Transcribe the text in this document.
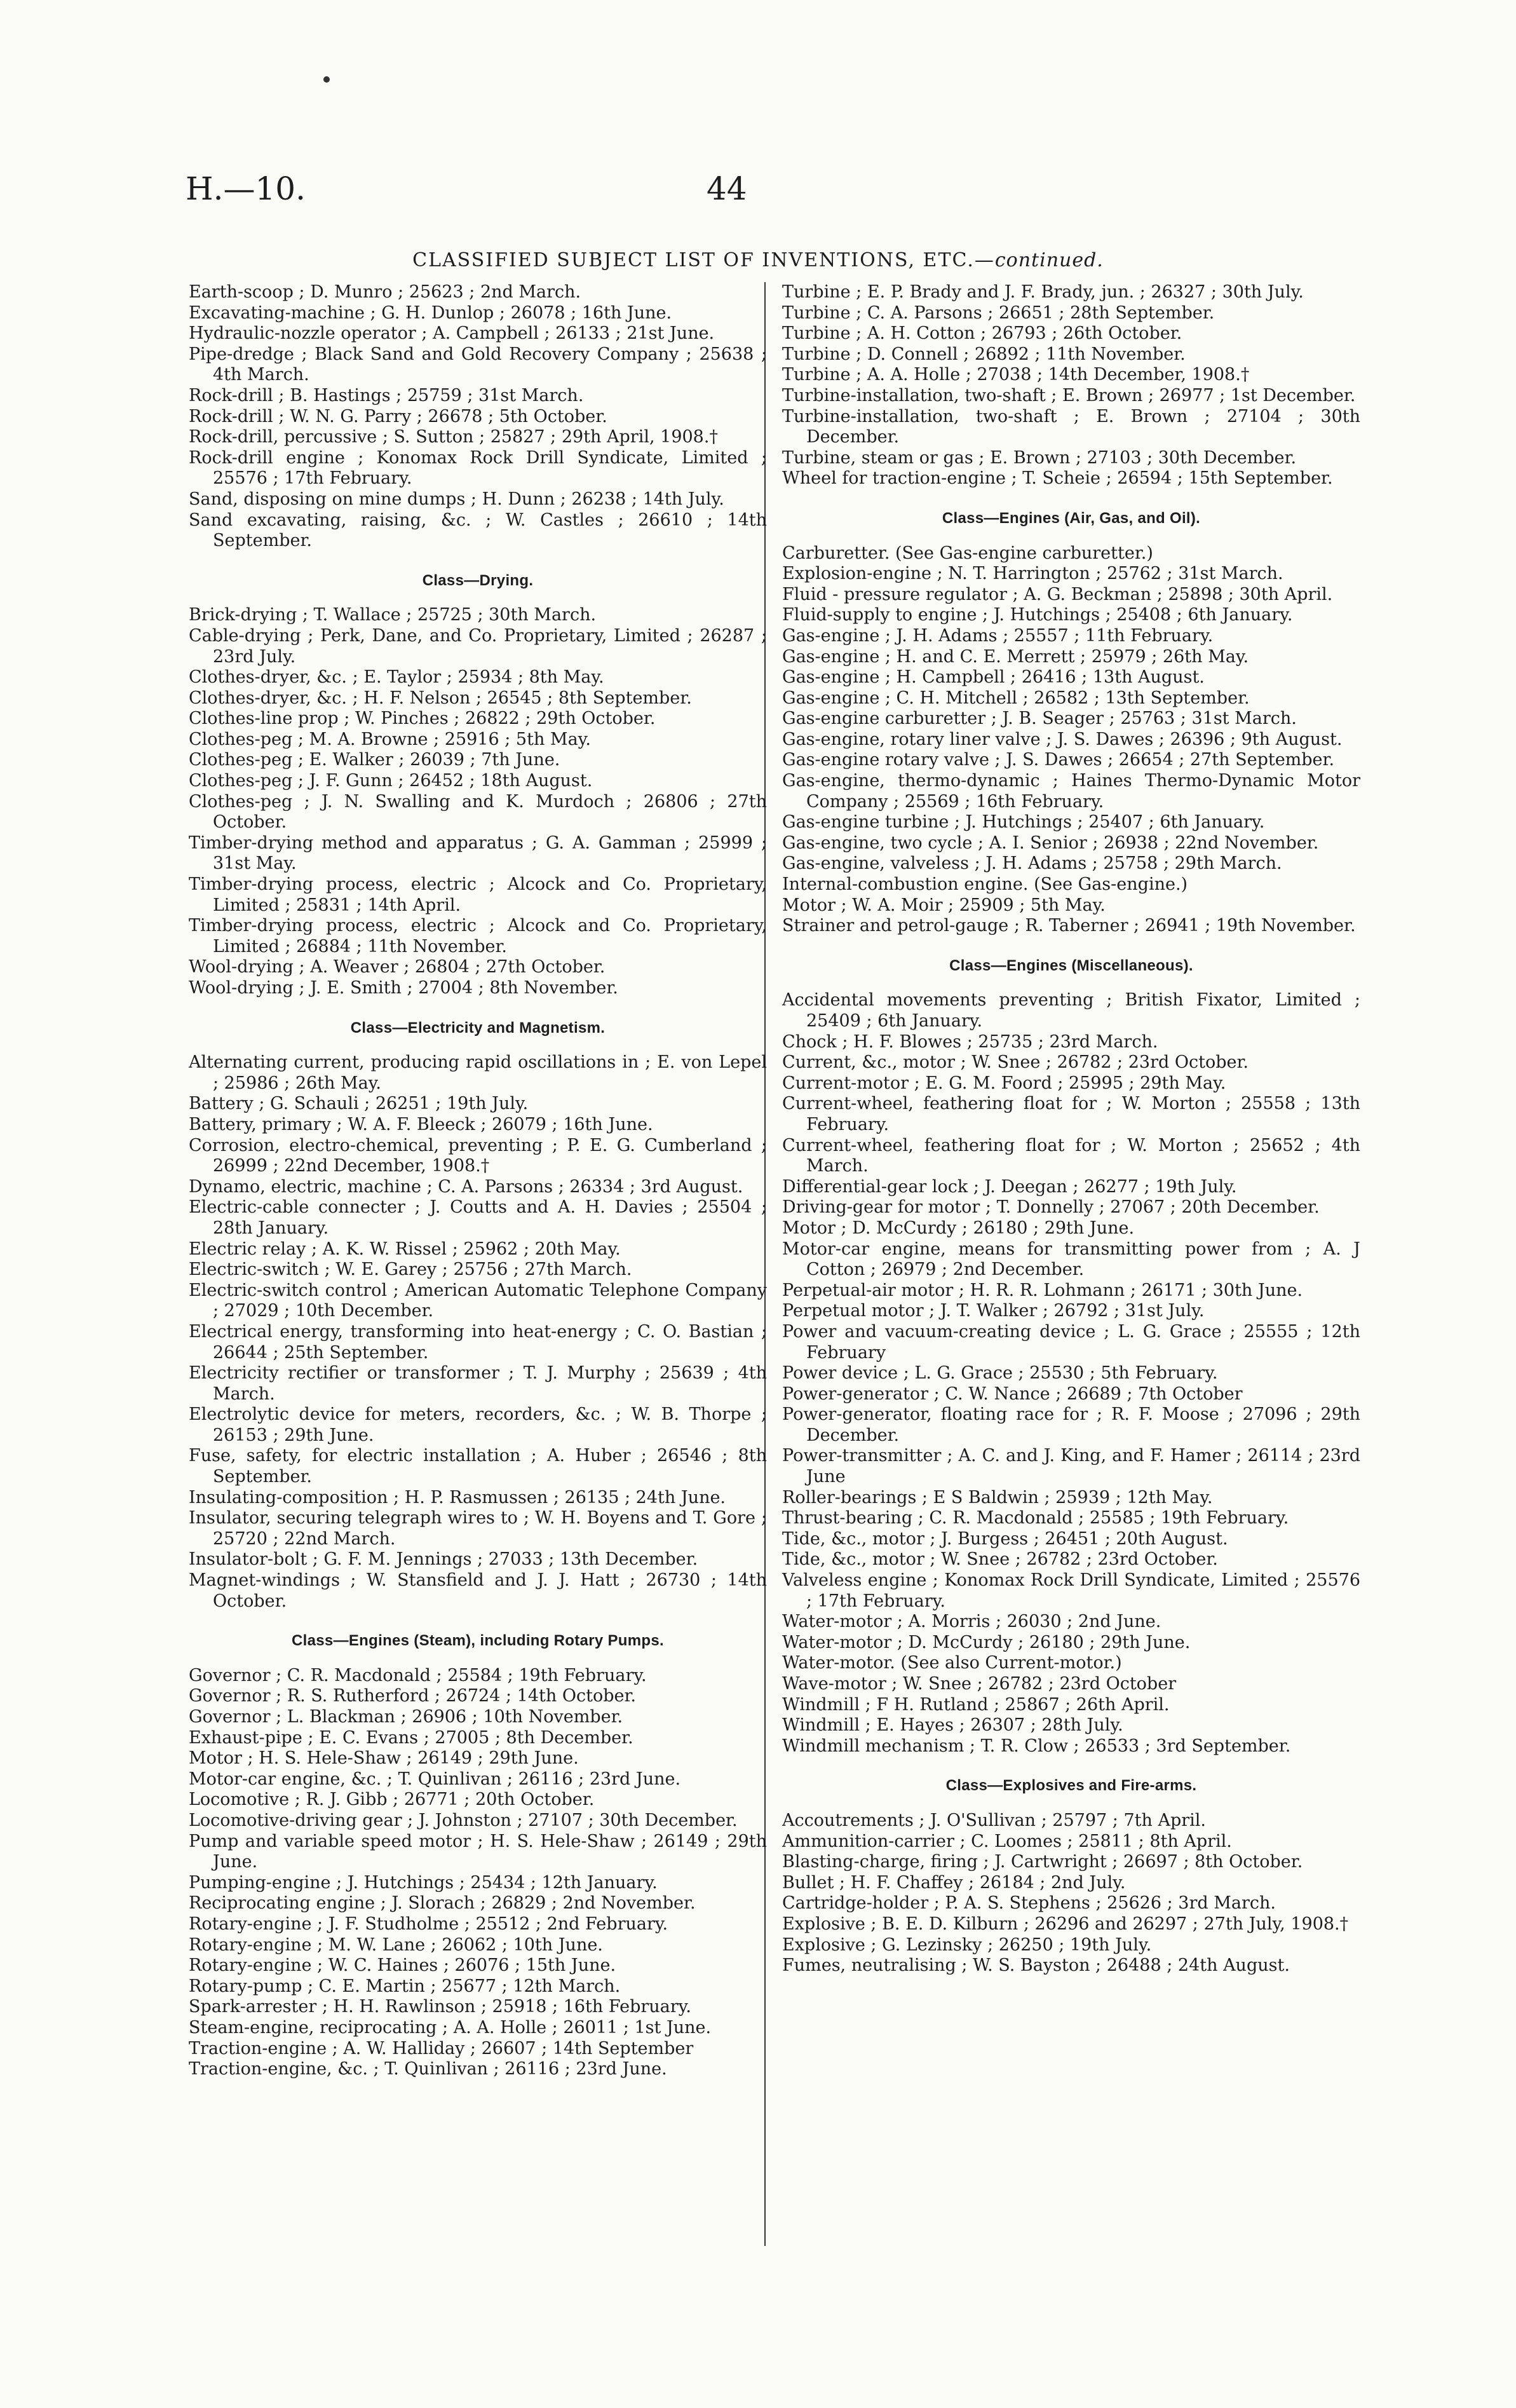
H.—10.	44
CLASSIFIED SUBJECT LIST OF INVENTIONS, ETC.—continued.
Earth-scoop ; D. Munro ; 25623 ; 2nd March.
Excavating-machine ; G. H. Dunlop ; 26078 ; 16th June.
Hydraulic-nozzle operator ; A. Campbell ; 26133 ; 21st June.
Pipe-dredge ; Black Sand and Gold Recovery Company ; 25638 ; 4th March.
Rock-drill ; B. Hastings ; 25759 ; 31st March.
Rock-drill ; W. N. G. Parry ; 26678 ; 5th October.
Rock-drill, percussive ; S. Sutton ; 25827 ; 29th April, 1908.†
Rock-drill engine ; Konomax Rock Drill Syndicate, Limited ; 25576 ; 17th February.
Sand, disposing on mine dumps ; H. Dunn ; 26238 ; 14th July.
Sand excavating, raising, &c. ; W. Castles ; 26610 ; 14th September.
Class—Drying.
Brick-drying ; T. Wallace ; 25725 ; 30th March.
Cable-drying ; Perk, Dane, and Co. Proprietary, Limited ; 26287 ; 23rd July.
Clothes-dryer, &c. ; E. Taylor ; 25934 ; 8th May.
Clothes-dryer, &c. ; H. F. Nelson ; 26545 ; 8th September.
Clothes-line prop ; W. Pinches ; 26822 ; 29th October.
Clothes-peg ; M. A. Browne ; 25916 ; 5th May.
Clothes-peg ; E. Walker ; 26039 ; 7th June.
Clothes-peg ; J. F. Gunn ; 26452 ; 18th August.
Clothes-peg ; J. N. Swalling and K. Murdoch ; 26806 ; 27th October.
Timber-drying method and apparatus ; G. A. Gamman ; 25999 ; 31st May.
Timber-drying process, electric ; Alcock and Co. Proprietary, Limited ; 25831 ; 14th April.
Timber-drying process, electric ; Alcock and Co. Proprietary, Limited ; 26884 ; 11th November.
Wool-drying ; A. Weaver ; 26804 ; 27th October.
Wool-drying ; J. E. Smith ; 27004 ; 8th November.
Class—Electricity and Magnetism.
Alternating current, producing rapid oscillations in ; E. von Lepel ; 25986 ; 26th May.
Battery ; G. Schauli ; 26251 ; 19th July.
Battery, primary ; W. A. F. Bleeck ; 26079 ; 16th June.
Corrosion, electro-chemical, preventing ; P. E. G. Cumberland ; 26999 ; 22nd December, 1908.†
Dynamo, electric, machine ; C. A. Parsons ; 26334 ; 3rd August.
Electric-cable connecter ; J. Coutts and A. H. Davies ; 25504 ; 28th January.
Electric relay ; A. K. W. Rissel ; 25962 ; 20th May.
Electric-switch ; W. E. Garey ; 25756 ; 27th March.
Electric-switch control ; American Automatic Telephone Company ; 27029 ; 10th December.
Electrical energy, transforming into heat-energy ; C. O. Bastian ; 26644 ; 25th September.
Electricity rectifier or transformer ; T. J. Murphy ; 25639 ; 4th March.
Electrolytic device for meters, recorders, &c. ; W. B. Thorpe ; 26153 ; 29th June.
Fuse, safety, for electric installation ; A. Huber ; 26546 ; 8th September.
Insulating-composition ; H. P. Rasmussen ; 26135 ; 24th June.
Insulator, securing telegraph wires to ; W. H. Boyens and T. Gore ; 25720 ; 22nd March.
Insulator-bolt ; G. F. M. Jennings ; 27033 ; 13th December.
Magnet-windings ; W. Stansfield and J. J. Hatt ; 26730 ; 14th October.
Class—Engines (Steam), including Rotary Pumps.
Governor ; C. R. Macdonald ; 25584 ; 19th February.
Governor ; R. S. Rutherford ; 26724 ; 14th October.
Governor ; L. Blackman ; 26906 ; 10th November.
Exhaust-pipe ; E. C. Evans ; 27005 ; 8th December.
Motor ; H. S. Hele-Shaw ; 26149 ; 29th June.
Motor-car engine, &c. ; T. Quinlivan ; 26116 ; 23rd June.
Locomotive ; R. J. Gibb ; 26771 ; 20th October.
Locomotive-driving gear ; J. Johnston ; 27107 ; 30th December.
Pump and variable speed motor ; H. S. Hele-Shaw ; 26149 ; 29th June.
Pumping-engine ; J. Hutchings ; 25434 ; 12th January.
Reciprocating engine ; J. Slorach ; 26829 ; 2nd November.
Rotary-engine ; J. F. Studholme ; 25512 ; 2nd February.
Rotary-engine ; M. W. Lane ; 26062 ; 10th June.
Rotary-engine ; W. C. Haines ; 26076 ; 15th June.
Rotary-pump ; C. E. Martin ; 25677 ; 12th March.
Spark-arrester ; H. H. Rawlinson ; 25918 ; 16th February.
Steam-engine, reciprocating ; A. A. Holle ; 26011 ; 1st June.
Traction-engine ; A. W. Halliday ; 26607 ; 14th September
Traction-engine, &c. ; T. Quinlivan ; 26116 ; 23rd June.
Turbine ; E. P. Brady and J. F. Brady, jun. ; 26327 ; 30th July.
Turbine ; C. A. Parsons ; 26651 ; 28th September.
Turbine ; A. H. Cotton ; 26793 ; 26th October.
Turbine ; D. Connell ; 26892 ; 11th November.
Turbine ; A. A. Holle ; 27038 ; 14th December, 1908.†
Turbine-installation, two-shaft ; E. Brown ; 26977 ; 1st December.
Turbine-installation, two-shaft ; E. Brown ; 27104 ; 30th December.
Turbine, steam or gas ; E. Brown ; 27103 ; 30th December.
Wheel for traction-engine ; T. Scheie ; 26594 ; 15th September.
Class—Engines (Air, Gas, and Oil).
Carburetter. (See Gas-engine carburetter.)
Explosion-engine ; N. T. Harrington ; 25762 ; 31st March.
Fluid - pressure regulator ; A. G. Beckman ; 25898 ; 30th April.
Fluid-supply to engine ; J. Hutchings ; 25408 ; 6th January.
Gas-engine ; J. H. Adams ; 25557 ; 11th February.
Gas-engine ; H. and C. E. Merrett ; 25979 ; 26th May.
Gas-engine ; H. Campbell ; 26416 ; 13th August.
Gas-engine ; C. H. Mitchell ; 26582 ; 13th September.
Gas-engine carburetter ; J. B. Seager ; 25763 ; 31st March.
Gas-engine, rotary liner valve ; J. S. Dawes ; 26396 ; 9th August.
Gas-engine rotary valve ; J. S. Dawes ; 26654 ; 27th September.
Gas-engine, thermo-dynamic ; Haines Thermo-Dynamic Motor Company ; 25569 ; 16th February.
Gas-engine turbine ; J. Hutchings ; 25407 ; 6th January.
Gas-engine, two cycle ; A. I. Senior ; 26938 ; 22nd November.
Gas-engine, valveless ; J. H. Adams ; 25758 ; 29th March.
Internal-combustion engine. (See Gas-engine.)
Motor ; W. A. Moir ; 25909 ; 5th May.
Strainer and petrol-gauge ; R. Taberner ; 26941 ; 19th November.
Class—Engines (Miscellaneous).
Accidental movements preventing ; British Fixator, Limited ; 25409 ; 6th January.
Chock ; H. F. Blowes ; 25735 ; 23rd March.
Current, &c., motor ; W. Snee ; 26782 ; 23rd October.
Current-motor ; E. G. M. Foord ; 25995 ; 29th May.
Current-wheel, feathering float for ; W. Morton ; 25558 ; 13th February.
Current-wheel, feathering float for ; W. Morton ; 25652 ; 4th March.
Differential-gear lock ; J. Deegan ; 26277 ; 19th July.
Driving-gear for motor ; T. Donnelly ; 27067 ; 20th December.
Motor ; D. McCurdy ; 26180 ; 29th June.
Motor-car engine, means for transmitting power from ; A. J Cotton ; 26979 ; 2nd December.
Perpetual-air motor ; H. R. R. Lohmann ; 26171 ; 30th June.
Perpetual motor ; J. T. Walker ; 26792 ; 31st July.
Power and vacuum-creating device ; L. G. Grace ; 25555 ; 12th February
Power device ; L. G. Grace ; 25530 ; 5th February.
Power-generator ; C. W. Nance ; 26689 ; 7th October
Power-generator, floating race for ; R. F. Moose ; 27096 ; 29th December.
Power-transmitter ; A. C. and J. King, and F. Hamer ; 26114 ; 23rd June
Roller-bearings ; E S Baldwin ; 25939 ; 12th May.
Thrust-bearing ; C. R. Macdonald ; 25585 ; 19th February.
Tide, &c., motor ; J. Burgess ; 26451 ; 20th August.
Tide, &c., motor ; W. Snee ; 26782 ; 23rd October.
Valveless engine ; Konomax Rock Drill Syndicate, Limited ; 25576 ; 17th February.
Water-motor ; A. Morris ; 26030 ; 2nd June.
Water-motor ; D. McCurdy ; 26180 ; 29th June.
Water-motor. (See also Current-motor.)
Wave-motor ; W. Snee ; 26782 ; 23rd October
Windmill ; F H. Rutland ; 25867 ; 26th April.
Windmill ; E. Hayes ; 26307 ; 28th July.
Windmill mechanism ; T. R. Clow ; 26533 ; 3rd September.
Class—Explosives and Fire-arms.
Accoutrements ; J. O'Sullivan ; 25797 ; 7th April.
Ammunition-carrier ; C. Loomes ; 25811 ; 8th April.
Blasting-charge, firing ; J. Cartwright ; 26697 ; 8th October.
Bullet ; H. F. Chaffey ; 26184 ; 2nd July.
Cartridge-holder ; P. A. S. Stephens ; 25626 ; 3rd March.
Explosive ; B. E. D. Kilburn ; 26296 and 26297 ; 27th July, 1908.†
Explosive ; G. Lezinsky ; 26250 ; 19th July.
Fumes, neutralising ; W. S. Bayston ; 26488 ; 24th August.
